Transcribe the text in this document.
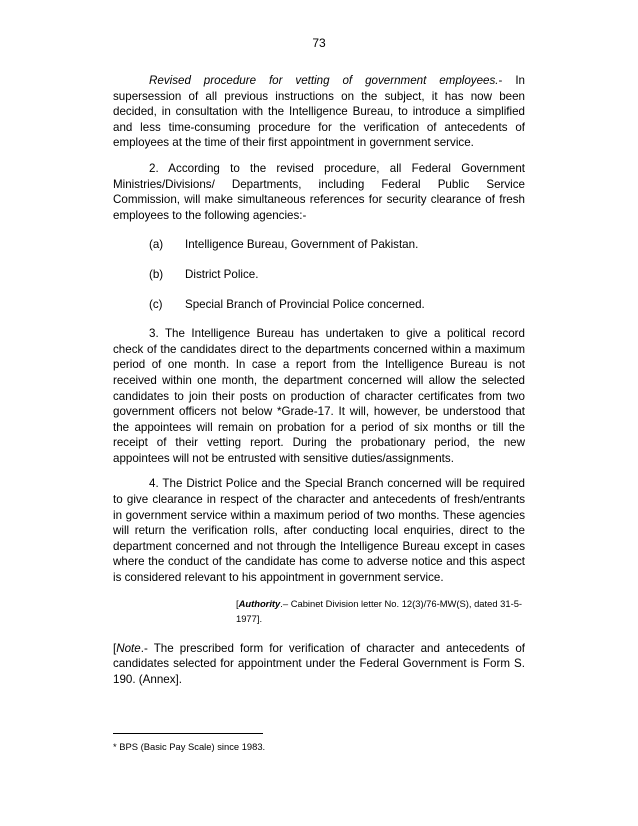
73

Revised procedure for vetting of government employees.- In supersession of all previous instructions on the subject, it has now been decided, in consultation with the Intelligence Bureau, to introduce a simplified and less time-consuming procedure for the verification of antecedents of employees at the time of their first appointment in government service.

2. According to the revised procedure, all Federal Government Ministries/Divisions/ Departments, including Federal Public Service Commission, will make simultaneous references for security clearance of fresh employees to the following agencies:-

(a)	Intelligence Bureau, Government of Pakistan.
(b)	District Police.
(c)	Special Branch of Provincial Police concerned.

3. The Intelligence Bureau has undertaken to give a political record check of the candidates direct to the departments concerned within a maximum period of one month. In case a report from the Intelligence Bureau is not received within one month, the department concerned will allow the selected candidates to join their posts on production of character certificates from two government officers not below *Grade-17. It will, however, be understood that the appointees will remain on probation for a period of six months or till the receipt of their vetting report. During the probationary period, the new appointees will not be entrusted with sensitive duties/assignments.

4. The District Police and the Special Branch concerned will be required to give clearance in respect of the character and antecedents of fresh/entrants in government service within a maximum period of two months. These agencies will return the verification rolls, after conducting local enquiries, direct to the department concerned and not through the Intelligence Bureau except in cases where the conduct of the candidate has come to adverse notice and this aspect is considered relevant to his appointment in government service.

[Authority.– Cabinet Division letter No. 12(3)/76-MW(S), dated 31-5-1977].

[Note.- The prescribed form for verification of character and antecedents of candidates selected for appointment under the Federal Government is Form S. 190. (Annex].

* BPS (Basic Pay Scale) since 1983.
